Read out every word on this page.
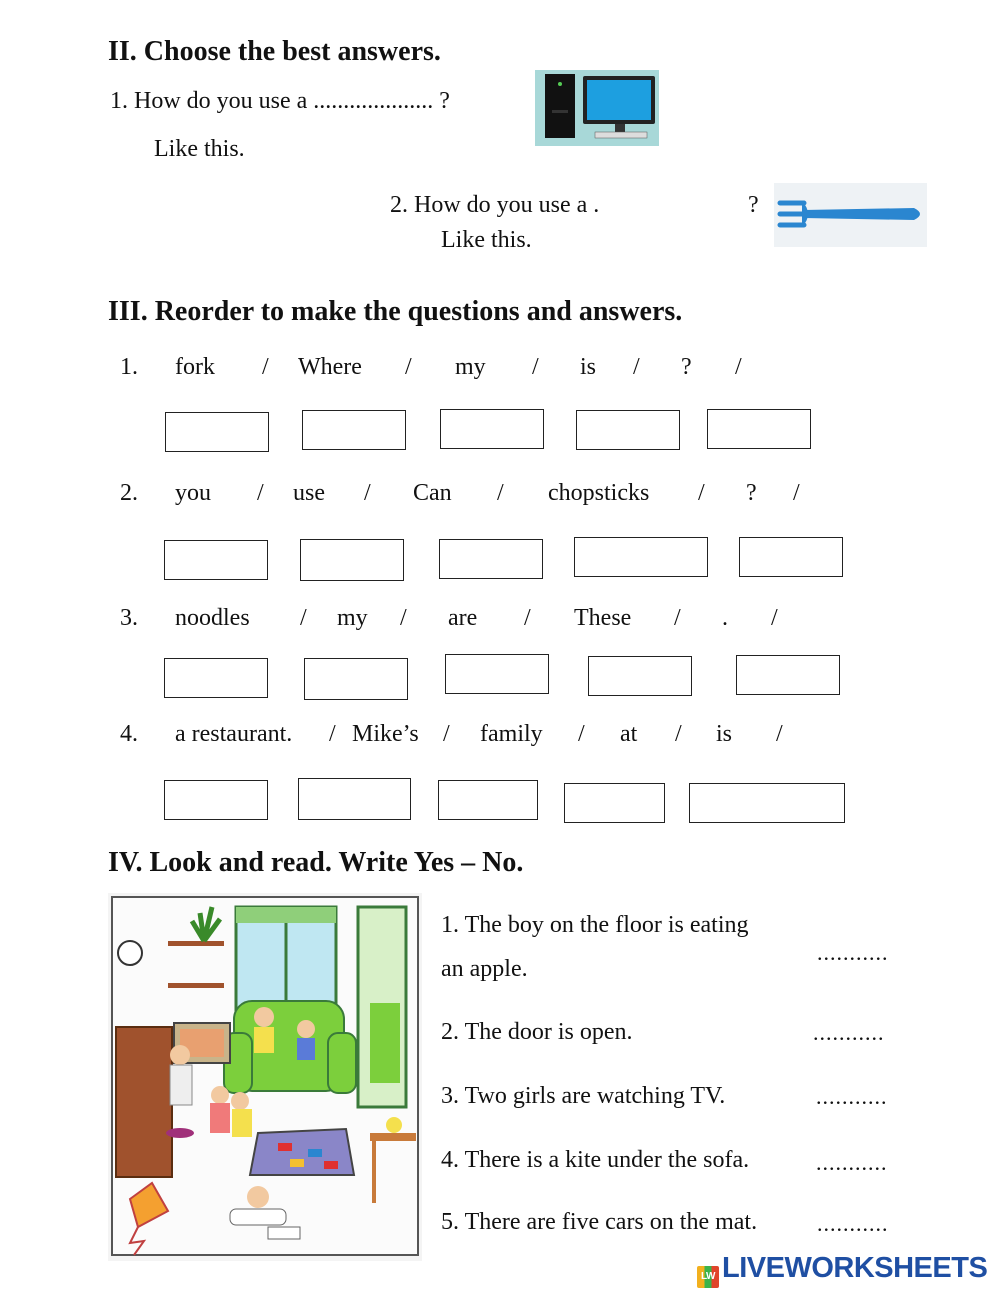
II. Choose the best answers.
1. How do you use a .................... ?
Like this.
2. How do you use a .	?
Like this.
III. Reorder to make the questions and answers.
1. fork / Where / my / is / ? /
2. you / use / Can / chopsticks / ? /
3. noodles / my / are / These / . /
4. a restaurant. / Mike’s / family / at / is /
IV. Look and read. Write Yes – No.
1. The boy on the floor is eating
an apple.
...........
2. The door is open.	...........
3. Two girls are watching TV.	...........
4. There is a kite under the sofa.	...........
5. There are five cars on the mat.	...........
LW LIVEWORKSHEETS
